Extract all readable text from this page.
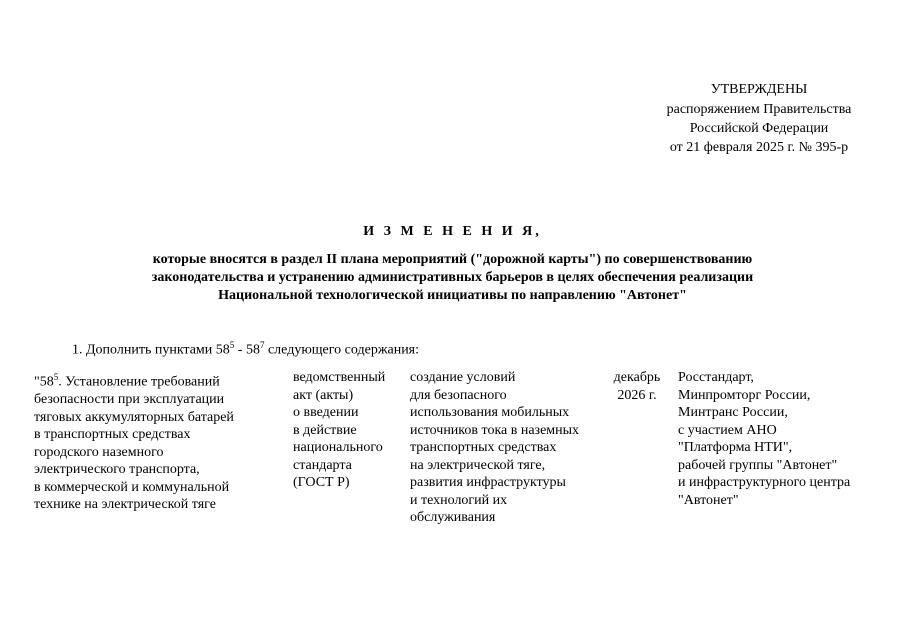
УТВЕРЖДЕНЫ
распоряжением Правительства
Российской Федерации
от 21 февраля 2025 г. № 395-р
И З М Е Н Е Н И Я,
которые вносятся в раздел II плана мероприятий ("дорожной карты") по совершенствованию
законодательства и устранению административных барьеров в целях обеспечения реализации
Национальной технологической инициативы по направлению "Автонет"
1. Дополнить пунктами $58^5 - 58^7$ следующего содержания:
"$58^5$. Установление требований
безопасности при эксплуатации
тяговых аккумуляторных батарей
в транспортных средствах
городского наземного
электрического транспорта,
в коммерческой и коммунальной
технике на электрической тяге
ведомственный
акт (акты)
о введении
в действие
национального
стандарта
(ГОСТ Р)
создание условий
для безопасного
использования мобильных
источников тока в наземных
транспортных средствах
на электрической тяге,
развития инфраструктуры
и технологий их
обслуживания
декабрь
2026 г.
Росстандарт,
Минпромторг России,
Минтранс России,
с участием АНО
"Платформа НТИ",
рабочей группы "Автонет"
и инфраструктурного центра
"Автонет"
